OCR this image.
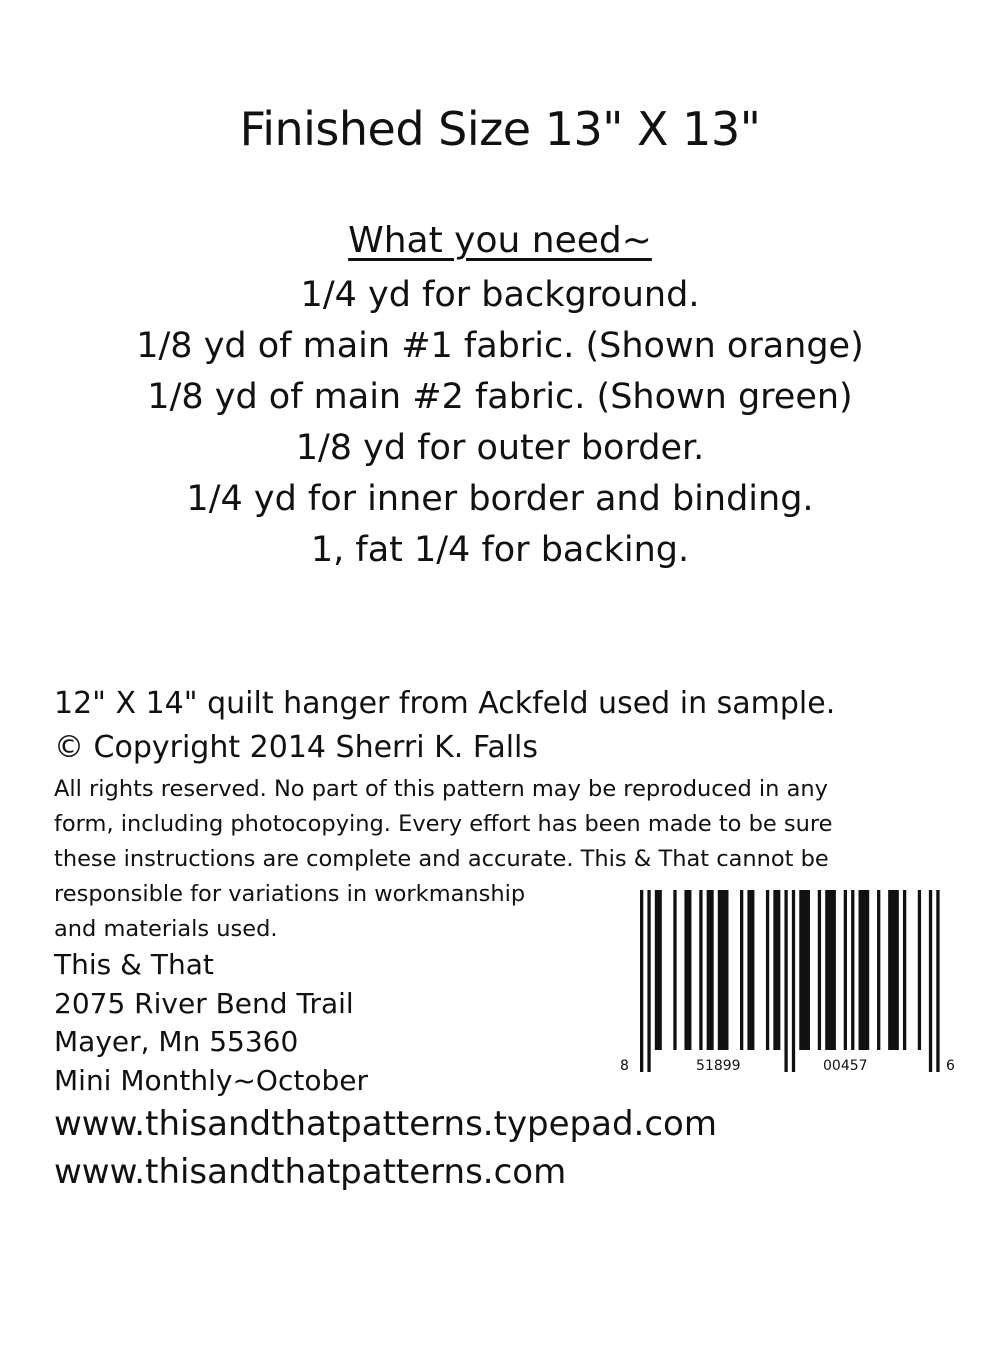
Finished Size 13" X 13"
What you need~
1/4 yd for background.
1/8 yd of main #1 fabric. (Shown orange)
1/8 yd of main #2 fabric. (Shown green)
1/8 yd for outer border.
1/4 yd for inner border and binding.
1, fat 1/4 for backing.
12" X 14" quilt hanger from Ackfeld used in sample.
© Copyright 2014 Sherri K. Falls
All rights reserved. No part of this pattern may be reproduced in any
form, including photocopying. Every effort has been made to be sure
these instructions are complete and accurate. This & That cannot be
responsible for variations in workmanship
and materials used.
This & That
2075 River Bend Trail
Mayer, Mn 55360
Mini Monthly~October
www.thisandthatpatterns.typepad.com
www.thisandthatpatterns.com
8	51899	00457	6
